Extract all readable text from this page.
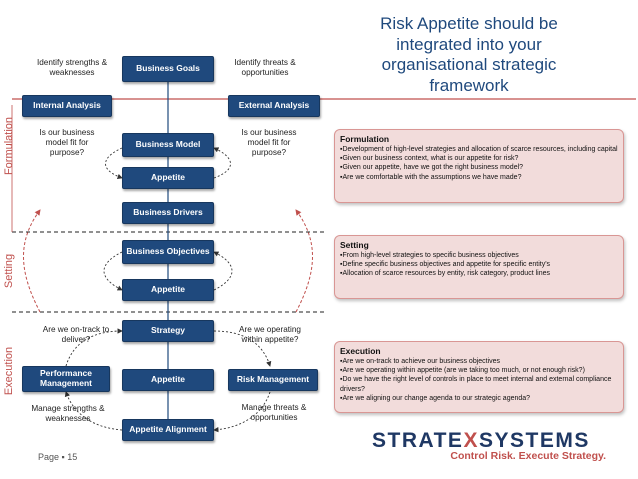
Risk Appetite should be integrated into your organisational strategic framework
Formulation
Setting
Execution
Business Goals
Internal Analysis	External Analysis
Business Model
Appetite
Business Drivers
Business Objectives
Appetite
Strategy
Performance Management	Appetite	Risk Management
Appetite Alignment
Identify strengths & weaknesses
Identify threats & opportunities
Is our business model fit for purpose?
Is our business model fit for purpose?
Are we on-track to deliver?
Are we operating within appetite?
Manage strengths & weaknesses
Manage threats & opportunities
Formulation
▪Development of high-level strategies and allocation of scarce resources, including capital
▪Given our business context, what is our appetite for risk?
▪Given our appetite, have we got the right business model?
▪Are we comfortable with the assumptions we have made?
Setting
▪From high-level strategies to specific business objectives
▪Define specific business objectives and appetite for specific entity's
▪Allocation of scarce resources by entity, risk category, product lines
Execution
▪Are we on-track to achieve our business objectives
▪Are we operating within appetite (are we taking too much, or not enough risk?)
▪Do we have the right level of controls in place to meet internal and external compliance drivers?
▪Are we aligning our change agenda to our strategic agenda?
STRATEXSYSTEMS
Control Risk. Execute Strategy.
Page ▪ 15
